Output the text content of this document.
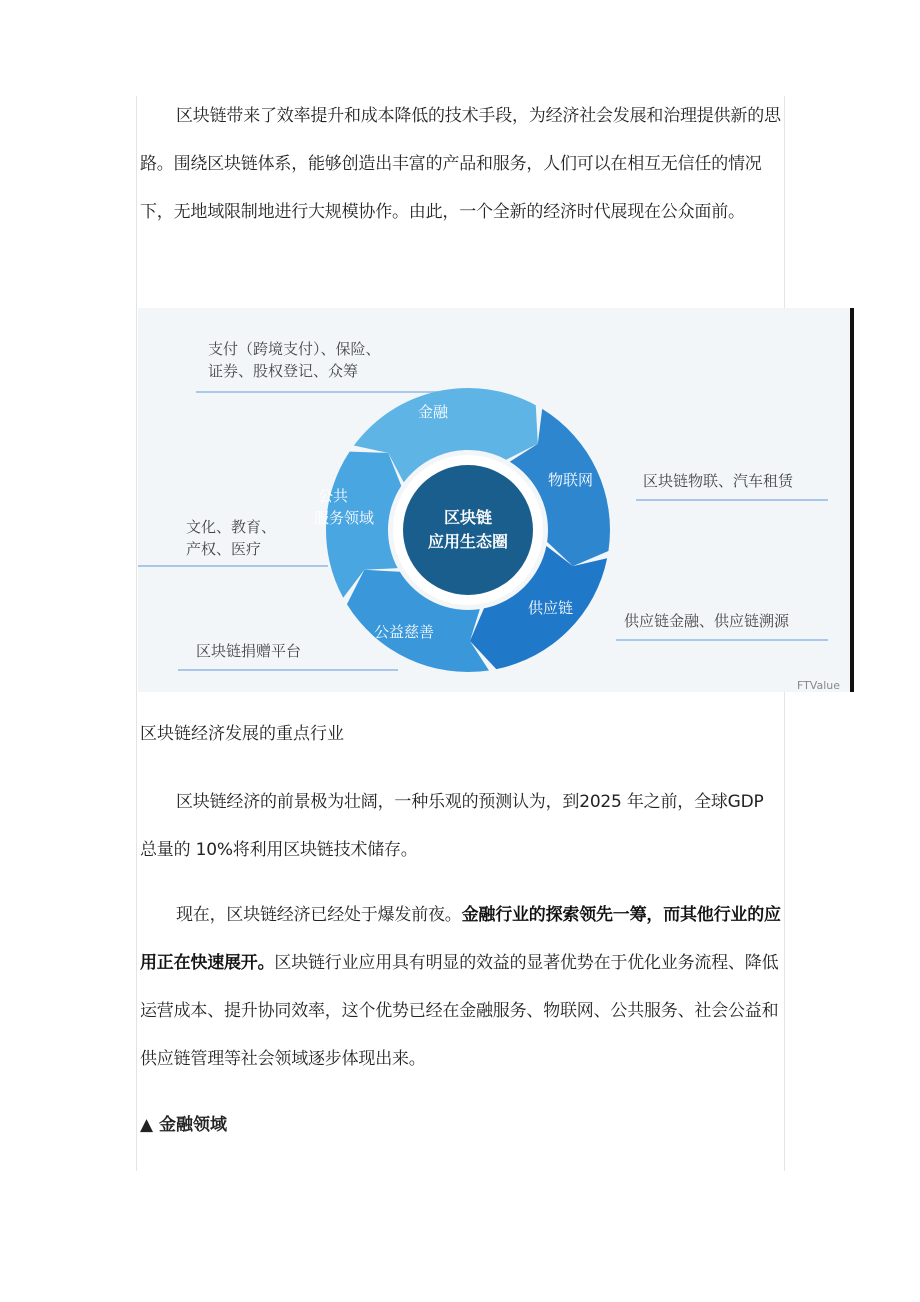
区块链带来了效率提升和成本降低的技术手段，为经济社会发展和治理提供新的思路。围绕区块链体系，能够创造出丰富的产品和服务，人们可以在相互无信任的情况下，无地域限制地进行大规模协作。由此，一个全新的经济时代展现在公众面前。

金融

物联网

供应链

公益慈善

公共

服务领域	区块链

应用生态圈

支付（跨境支付）、保险、

证券、股权登记、众筹

区块链物联、汽车租赁

文化、教育、

产权、医疗

供应链金融、供应链溯源

区块链捐赠平台

FTValue

区块链经济发展的重点行业

区块链经济的前景极为壮阔，一种乐观的预测认为，到2025 年之前，全球GDP 总量的 10%将利用区块链技术储存。

现在，区块链经济已经处于爆发前夜。金融行业的探索领先一筹，而其他行业的应用正在快速展开。区块链行业应用具有明显的效益的显著优势在于优化业务流程、降低运营成本、提升协同效率，这个优势已经在金融服务、物联网、公共服务、社会公益和供应链管理等社会领域逐步体现出来。

▲ 金融领域
